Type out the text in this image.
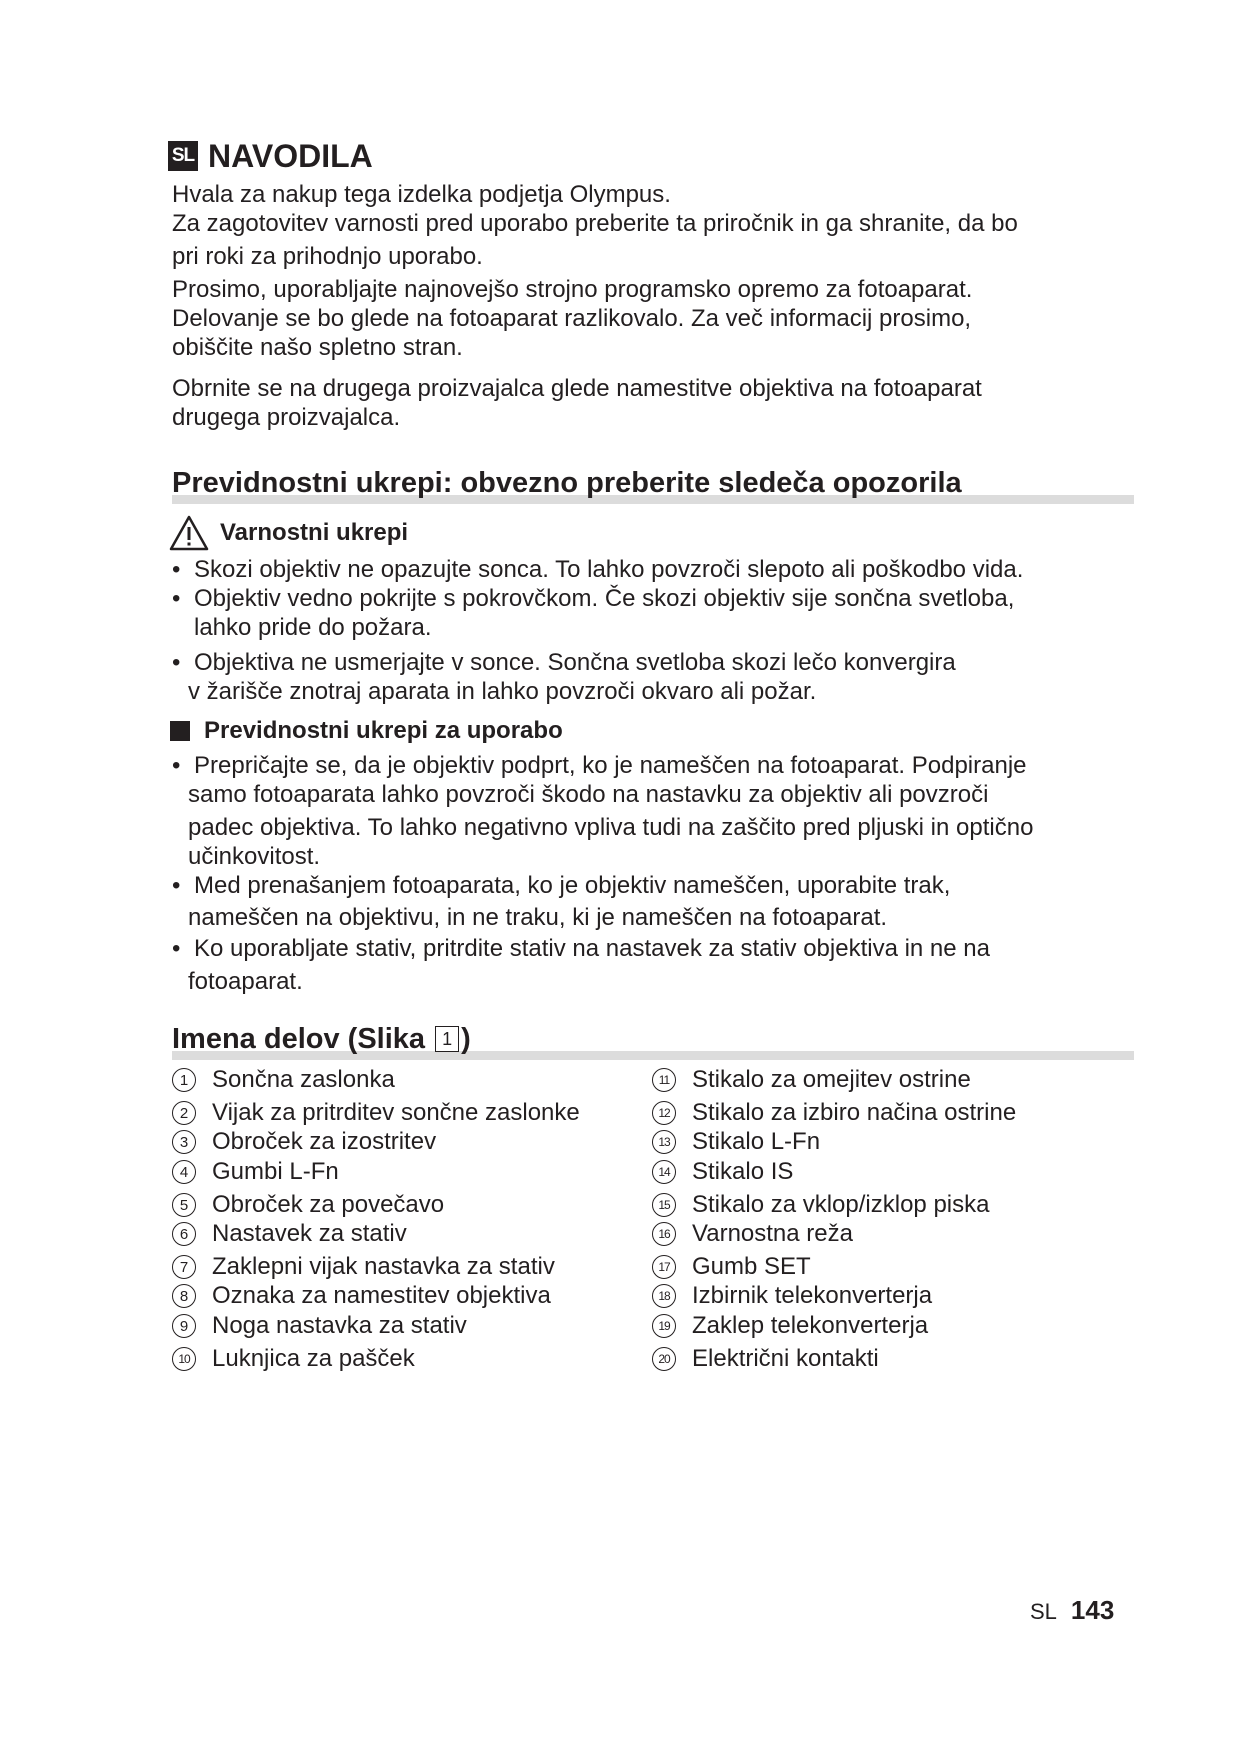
SL NAVODILA

Hvala za nakup tega izdelka podjetja Olympus.

Za zagotovitev varnosti pred uporabo preberite ta priročnik in ga shranite, da bo

pri roki za prihodnjo uporabo.

Prosimo, uporabljajte najnovejšo strojno programsko opremo za fotoaparat.

Delovanje se bo glede na fotoaparat razlikovalo. Za več informacij prosimo,

obiščite našo spletno stran.

Obrnite se na drugega proizvajalca glede namestitve objektiva na fotoaparat

drugega proizvajalca.

Previdnostni ukrepi: obvezno preberite sledeča opozorila
Varnostni ukrepi
• Skozi objektiv ne opazujte sonca. To lahko povzroči slepoto ali poškodbo vida.
• Objektiv vedno pokrijte s pokrovčkom. Če skozi objektiv sije sončna svetloba,
lahko pride do požara.
• Objektiva ne usmerjajte v sonce. Sončna svetloba skozi lečo konvergira
v žarišče znotraj aparata in lahko povzroči okvaro ali požar.
Previdnostni ukrepi za uporabo
• Prepričajte se, da je objektiv podprt, ko je nameščen na fotoaparat. Podpiranje
samo fotoaparata lahko povzroči škodo na nastavku za objektiv ali povzroči
padec objektiva. To lahko negativno vpliva tudi na zaščito pred pljuski in optično
učinkovitost.
• Med prenašanjem fotoaparata, ko je objektiv nameščen, uporabite trak,
nameščen na objektivu, in ne traku, ki je nameščen na fotoaparat.
• Ko uporabljate stativ, pritrdite stativ na nastavek za stativ objektiva in ne na
fotoaparat.
Imena delov (Slika 1 )
1 Sončna zaslonka
2 Vijak za pritrditev sončne zaslonke
3 Obroček za izostritev
4 Gumbi L-Fn
5 Obroček za povečavo
6 Nastavek za stativ
7 Zaklepni vijak nastavka za stativ
8 Oznaka za namestitev objektiva
9 Noga nastavka za stativ
10 Luknjica za pašček
11 Stikalo za omejitev ostrine
12 Stikalo za izbiro načina ostrine
13 Stikalo L-Fn
14 Stikalo IS
15 Stikalo za vklop/izklop piska
16 Varnostna reža
17 Gumb SET
18 Izbirnik telekonverterja
19 Zaklep telekonverterja
20 Električni kontakti
SL 143
